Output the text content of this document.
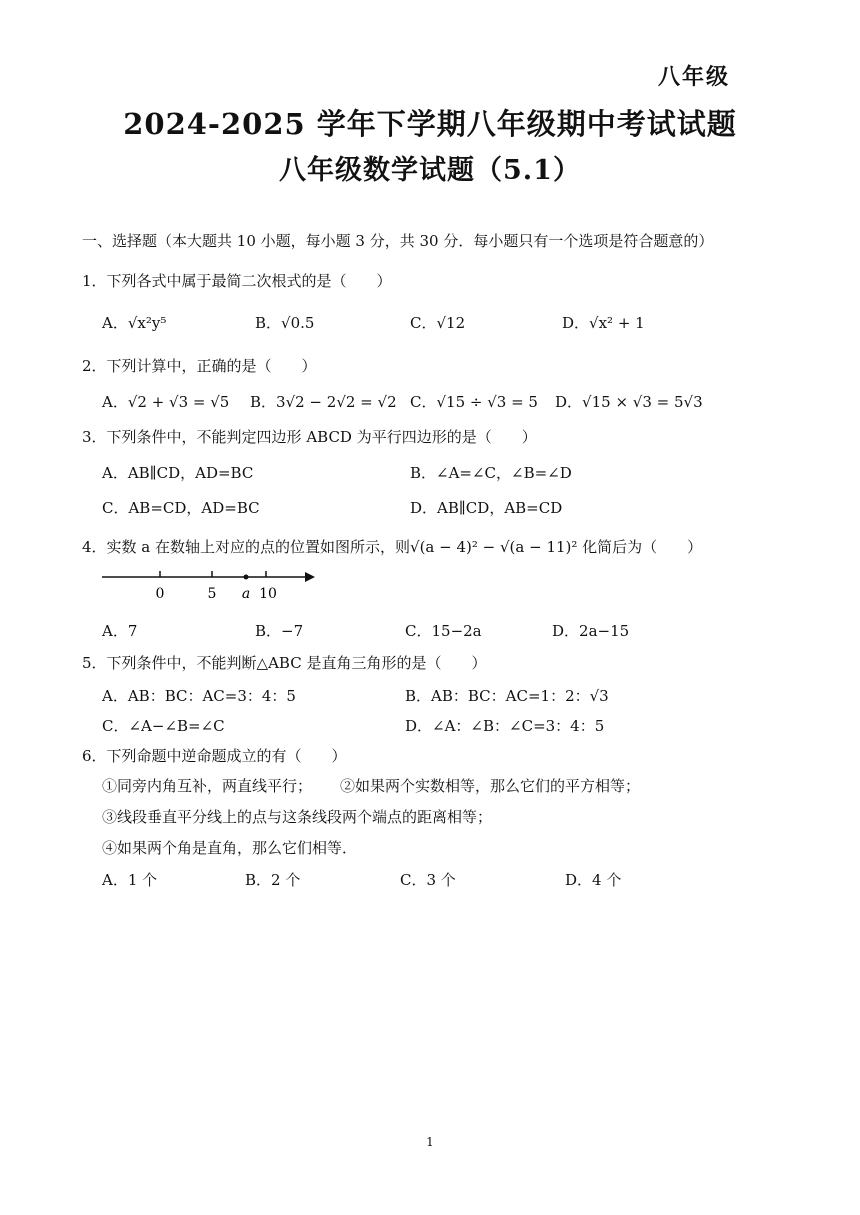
八年级
2024-2025 学年下学期八年级期中考试试题
八年级数学试题（5.1）
一、选择题（本大题共 10 小题，每小题 3 分，共 30 分．每小题只有一个选项是符合题意的）
1．下列各式中属于最简二次根式的是（　　）
A．√x²y⁵	B．√0.5	C．√12	D．√x² + 1
2．下列计算中，正确的是（　　）
A．√2 + √3 = √5 B．3√2 − 2√2 = √2 C．√15 ÷ √3 = 5 D．√15 × √3 = 5√3
3．下列条件中，不能判定四边形 ABCD 为平行四边形的是（　　）
A．AB∥CD，AD=BC	B．∠A=∠C，∠B=∠D
C．AB=CD，AD=BC	D．AB∥CD，AB=CD
4．实数 a 在数轴上对应的点的位置如图所示，则√(a − 4)² − √(a − 11)² 化简后为（　　）
0	5 a 10
A．7	B．−7	C．15−2a	D．2a−15
5．下列条件中，不能判断△ABC 是直角三角形的是（　　）
A．AB：BC：AC=3：4：5	B．AB：BC：AC=1：2：√3
C．∠A−∠B=∠C	D．∠A：∠B：∠C=3：4：5
6．下列命题中逆命题成立的有（　　）
①同旁内角互补，两直线平行； ②如果两个实数相等，那么它们的平方相等；
③线段垂直平分线上的点与这条线段两个端点的距离相等；
④如果两个角是直角，那么它们相等．
A．1 个	B．2 个	C．3 个	D．4 个
1
